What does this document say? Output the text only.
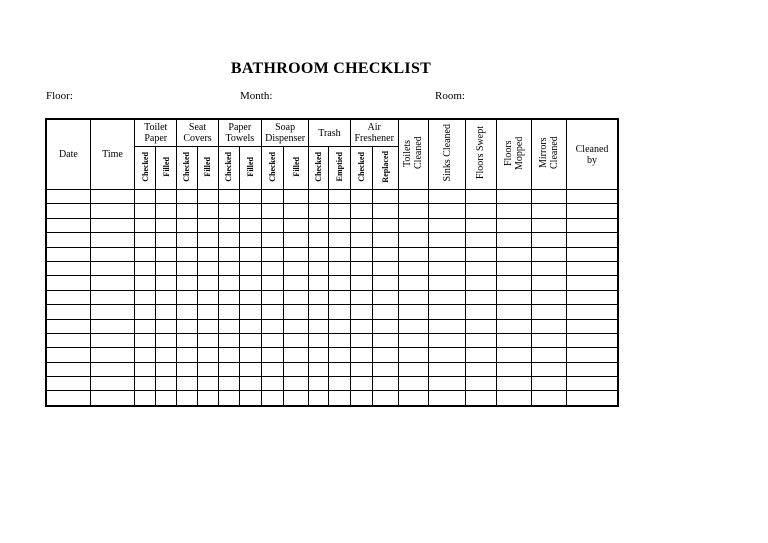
BATHROOM CHECKLIST
Floor:	Month:	Room:
Date	Time	Toilet Paper		Seat Covers		Paper Towels		Soap Dispenser		Trash		Air Freshener		Toilets Cleaned	Sinks Cleaned	Floors Swept	Floors Mopped	Mirrors Cleaned	Cleaned by
		Checked	Filled	Checked	Filled	Checked	Filled	Checked	Filled	Checked	Emptied	Checked	Replaced						
